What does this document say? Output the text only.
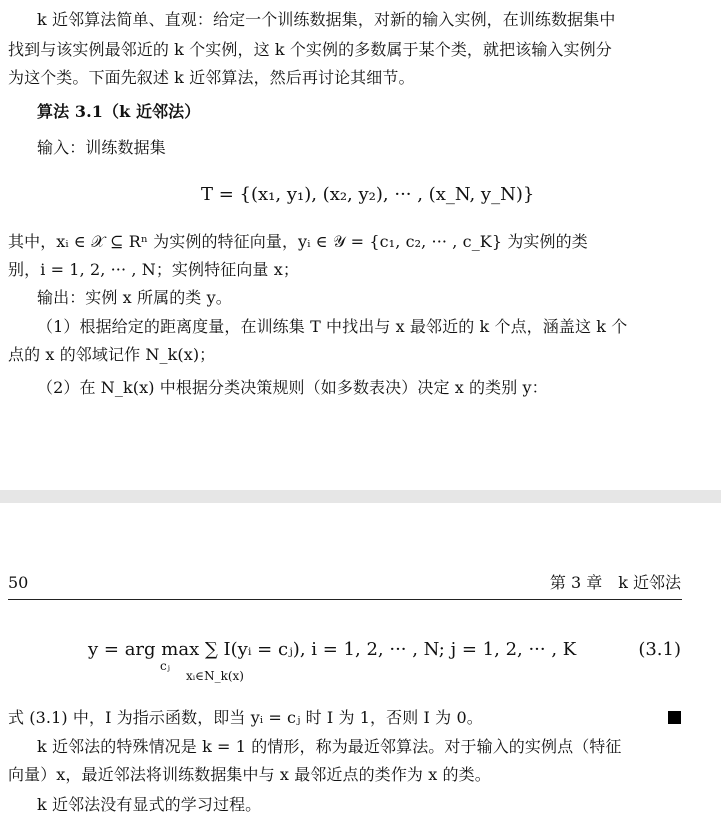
k 近邻算法简单、直观：给定一个训练数据集，对新的输入实例，在训练数据集中
找到与该实例最邻近的 k 个实例，这 k 个实例的多数属于某个类，就把该输入实例分
为这个类。下面先叙述 k 近邻算法，然后再讨论其细节。
算法 3.1（k 近邻法）
输入：训练数据集
T = {(x₁, y₁), (x₂, y₂), ··· , (x_N, y_N)}
其中，xᵢ ∈ 𝒳 ⊆ Rⁿ 为实例的特征向量，yᵢ ∈ 𝒴 = {c₁, c₂, ··· , c_K} 为实例的类
别，i = 1, 2, ··· , N；实例特征向量 x；
输出：实例 x 所属的类 y。
（1）根据给定的距离度量，在训练集 T 中找出与 x 最邻近的 k 个点，涵盖这 k 个
点的 x 的邻域记作 N_k(x)；
（2）在 N_k(x) 中根据分类决策规则（如多数表决）决定 x 的类别 y：
50	第 3 章　k 近邻法
y = arg max ∑ I(yᵢ = cⱼ), i = 1, 2, ··· , N; j = 1, 2, ··· , K
cⱼ
xᵢ∈N_k(x)
(3.1)
式 (3.1) 中，I 为指示函数，即当 yᵢ = cⱼ 时 I 为 1，否则 I 为 0。
k 近邻法的特殊情况是 k = 1 的情形，称为最近邻算法。对于输入的实例点（特征
向量）x，最近邻法将训练数据集中与 x 最邻近点的类作为 x 的类。
k 近邻法没有显式的学习过程。
